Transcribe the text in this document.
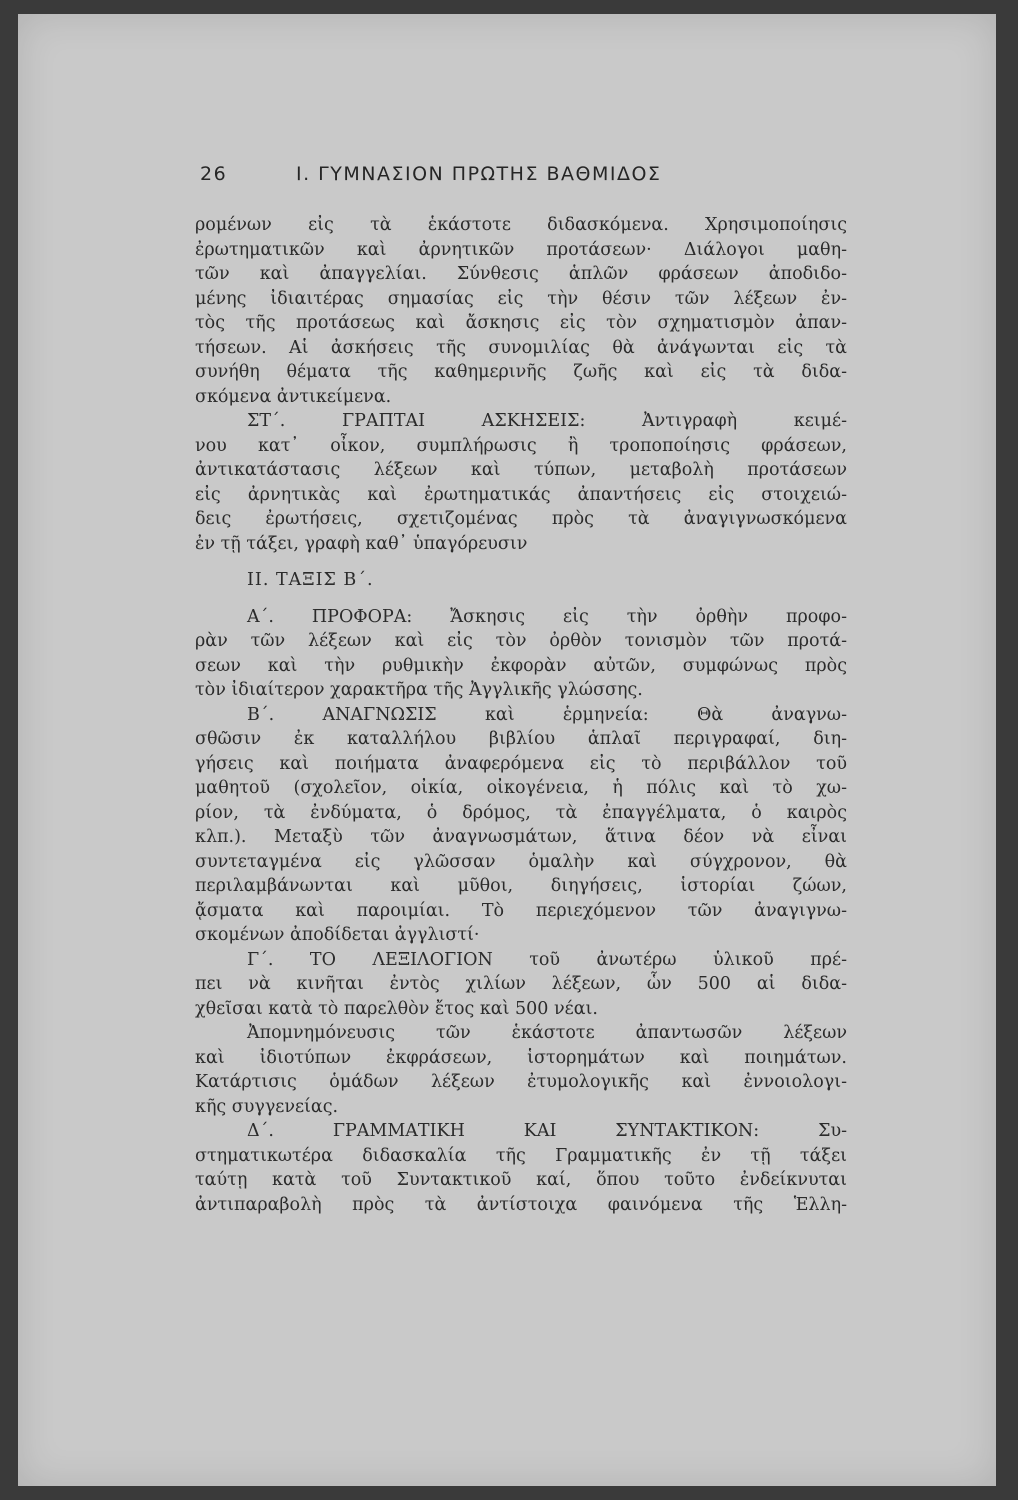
26	Ι. ΓΥΜΝΑΣΙΟΝ ΠΡΩΤΗΣ ΒΑΘΜΙΔΟΣ

ρομένων εἰς τὰ ἑκάστοτε διδασκόμενα. Χρησιμοποίησις

ἐρωτηματικῶν καὶ ἀρνητικῶν προτάσεων· Διάλογοι μαθη-

τῶν καὶ ἀπαγγελίαι. Σύνθεσις ἁπλῶν φράσεων ἀποδιδο-

μένης ἰδιαιτέρας σημασίας εἰς τὴν θέσιν τῶν λέξεων ἐν-

τὸς τῆς προτάσεως καὶ ἄσκησις εἰς τὸν σχηματισμὸν ἀπαν-

τήσεων. Αἱ ἀσκήσεις τῆς συνομιλίας θὰ ἀνάγωνται εἰς τὰ

συνήθη θέματα τῆς καθημερινῆς ζωῆς καὶ εἰς τὰ διδα-

σκόμενα ἀντικείμενα.

ΣΤ΄. ΓΡΑΠΤΑΙ ΑΣΚΗΣΕΙΣ: Ἀντιγραφὴ κειμέ-

νου κατ᾽ οἶκον, συμπλήρωσις ἢ τροποποίησις φράσεων,

ἀντικατάστασις λέξεων καὶ τύπων, μεταβολὴ προτάσεων

εἰς ἀρνητικὰς καὶ ἐρωτηματικάς ἀπαντήσεις εἰς στοιχειώ-

δεις ἐρωτήσεις, σχετιζομένας πρὸς τὰ ἀναγιγνωσκόμενα

ἐν τῇ τάξει, γραφὴ καθ᾽ ὑπαγόρευσιν

ΙΙ. ΤΑΞΙΣ Β΄.

Α΄. ΠΡΟΦΟΡΑ: Ἄσκησις εἰς τὴν ὀρθὴν προφο-

ρὰν τῶν λέξεων καὶ εἰς τὸν ὀρθὸν τονισμὸν τῶν προτά-

σεων καὶ τὴν ρυθμικὴν ἐκφορὰν αὐτῶν, συμφώνως πρὸς

τὸν ἰδιαίτερον χαρακτῆρα τῆς Ἀγγλικῆς γλώσσης.

Β΄. ΑΝΑΓΝΩΣΙΣ καὶ ἑρμηνεία: Θὰ ἀναγνω-

σθῶσιν ἐκ καταλλήλου βιβλίου ἁπλαῖ περιγραφαί, διη-

γήσεις καὶ ποιήματα ἀναφερόμενα εἰς τὸ περιβάλλον τοῦ

μαθητοῦ (σχολεῖον, οἰκία, οἰκογένεια, ἡ πόλις καὶ τὸ χω-

ρίον, τὰ ἐνδύματα, ὁ δρόμος, τὰ ἐπαγγέλματα, ὁ καιρὸς

κλπ.). Μεταξὺ τῶν ἀναγνωσμάτων, ἅτινα δέον νὰ εἶναι

συντεταγμένα εἰς γλῶσσαν ὁμαλὴν καὶ σύγχρονον, θὰ

περιλαμβάνωνται καὶ μῦθοι, διηγήσεις, ἱστορίαι ζώων,

ᾄσματα καὶ παροιμίαι. Τὸ περιεχόμενον τῶν ἀναγιγνω-

σκομένων ἀποδίδεται ἀγγλιστί·

Γ΄. ΤΟ ΛΕΞΙΛΟΓΙΟΝ τοῦ ἀνωτέρω ὑλικοῦ πρέ-

πει νὰ κινῆται ἐντὸς χιλίων λέξεων, ὧν 500 αἱ διδα-

χθεῖσαι κατὰ τὸ παρελθὸν ἔτος καὶ 500 νέαι.

Ἀπομνημόνευσις τῶν ἑκάστοτε ἀπαντωσῶν λέξεων

καὶ ἰδιοτύπων ἐκφράσεων, ἱστορημάτων καὶ ποιημάτων.

Κατάρτισις ὁμάδων λέξεων ἐτυμολογικῆς καὶ ἐννοιολογι-

κῆς συγγενείας.

Δ΄. ΓΡΑΜΜΑΤΙΚΗ ΚΑΙ ΣΥΝΤΑΚΤΙΚΟΝ: Συ-

στηματικωτέρα διδασκαλία τῆς Γραμματικῆς ἐν τῇ τάξει

ταύτῃ κατὰ τοῦ Συντακτικοῦ καί, ὅπου τοῦτο ἐνδείκνυται

ἀντιπαραβολὴ πρὸς τὰ ἀντίστοιχα φαινόμενα τῆς Ἑλλη-
